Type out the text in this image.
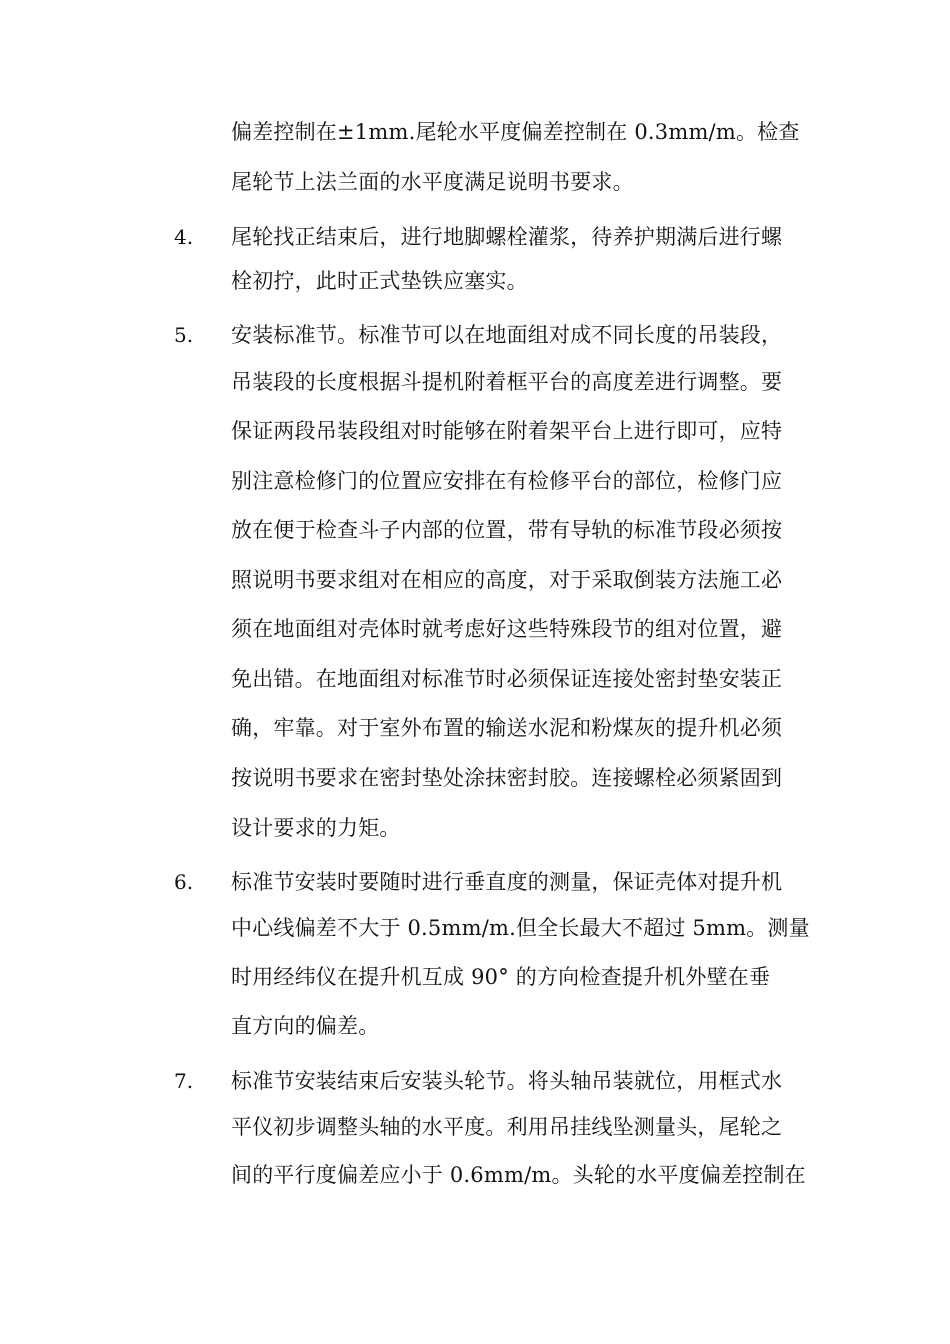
偏差控制在±1mm.尾轮水平度偏差控制在 0.3mm/m。检查
尾轮节上法兰面的水平度满足说明书要求。
4.	尾轮找正结束后，进行地脚螺栓灌浆，待养护期满后进行螺
栓初拧，此时正式垫铁应塞实。
5.	安装标准节。标准节可以在地面组对成不同长度的吊装段，
吊装段的长度根据斗提机附着框平台的高度差进行调整。要
保证两段吊装段组对时能够在附着架平台上进行即可，应特
别注意检修门的位置应安排在有检修平台的部位，检修门应
放在便于检查斗子内部的位置，带有导轨的标准节段必须按
照说明书要求组对在相应的高度，对于采取倒装方法施工必
须在地面组对壳体时就考虑好这些特殊段节的组对位置，避
免出错。在地面组对标准节时必须保证连接处密封垫安装正
确，牢靠。对于室外布置的输送水泥和粉煤灰的提升机必须
按说明书要求在密封垫处涂抹密封胶。连接螺栓必须紧固到
设计要求的力矩。
6.	标准节安装时要随时进行垂直度的测量，保证壳体对提升机
中心线偏差不大于 0.5mm/m.但全长最大不超过 5mm。测量
时用经纬仪在提升机互成 90° 的方向检查提升机外壁在垂
直方向的偏差。
7.	标准节安装结束后安装头轮节。将头轴吊装就位，用框式水
平仪初步调整头轴的水平度。利用吊挂线坠测量头，尾轮之
间的平行度偏差应小于 0.6mm/m。头轮的水平度偏差控制在
